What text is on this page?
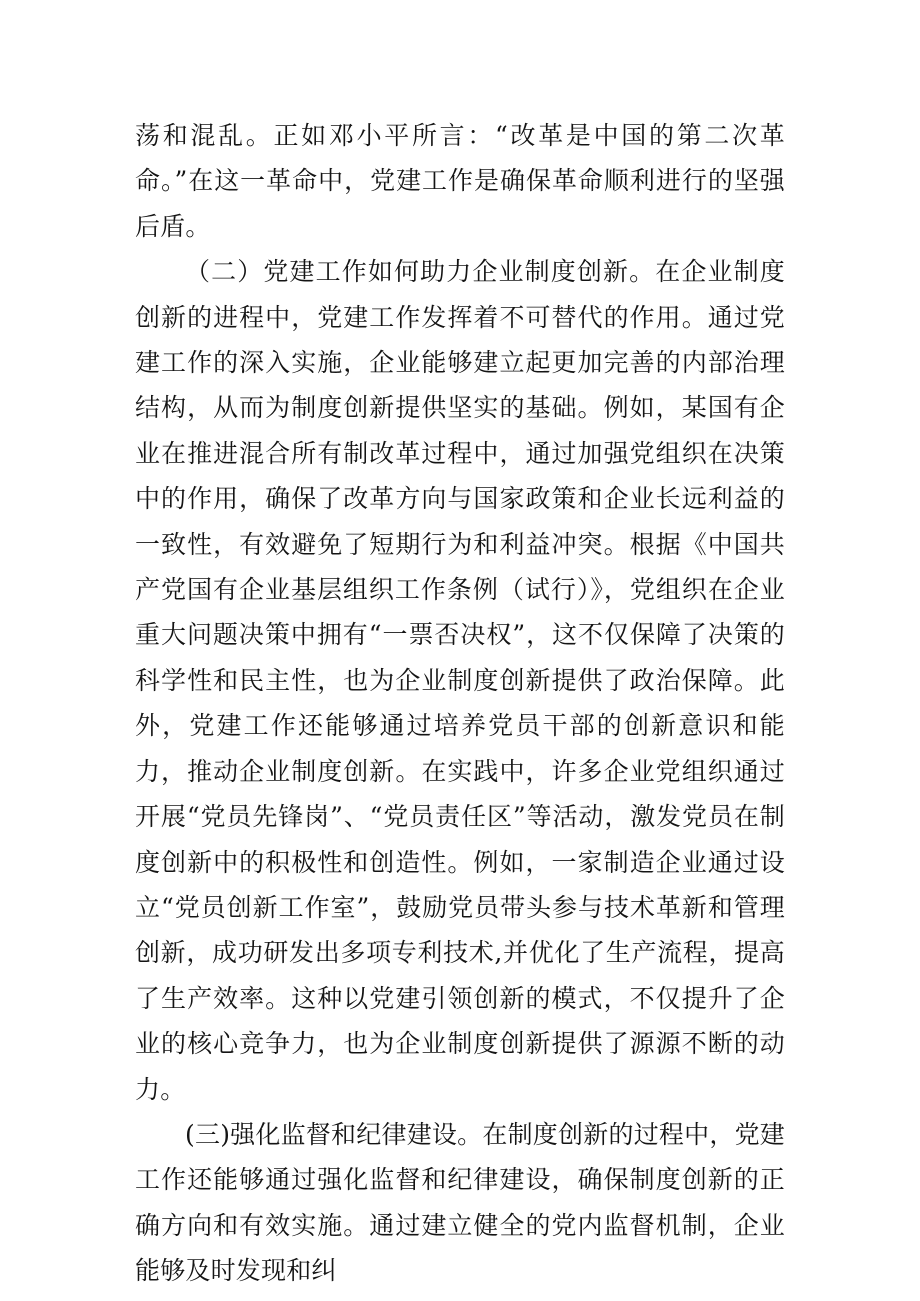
荡和混乱。正如邓小平所言：“改革是中国的第二次革命。”在这一革命中，党建工作是确保革命顺利进行的坚强后盾。

（二）党建工作如何助力企业制度创新。在企业制度创新的进程中，党建工作发挥着不可替代的作用。通过党建工作的深入实施，企业能够建立起更加完善的内部治理结构，从而为制度创新提供坚实的基础。例如，某国有企业在推进混合所有制改革过程中，通过加强党组织在决策中的作用，确保了改革方向与国家政策和企业长远利益的一致性，有效避免了短期行为和利益冲突。根据《中国共产党国有企业基层组织工作条例（试行）》，党组织在企业重大问题决策中拥有“一票否决权”，这不仅保障了决策的科学性和民主性，也为企业制度创新提供了政治保障。此外，党建工作还能够通过培养党员干部的创新意识和能力，推动企业制度创新。在实践中，许多企业党组织通过开展“党员先锋岗”、“党员责任区”等活动，激发党员在制度创新中的积极性和创造性。例如，一家制造企业通过设立“党员创新工作室”，鼓励党员带头参与技术革新和管理创新，成功研发出多项专利技术,并优化了生产流程，提高了生产效率。这种以党建引领创新的模式，不仅提升了企业的核心竞争力，也为企业制度创新提供了源源不断的动力。

(三)强化监督和纪律建设。在制度创新的过程中，党建工作还能够通过强化监督和纪律建设，确保制度创新的正确方向和有效实施。通过建立健全的党内监督机制，企业能够及时发现和纠
